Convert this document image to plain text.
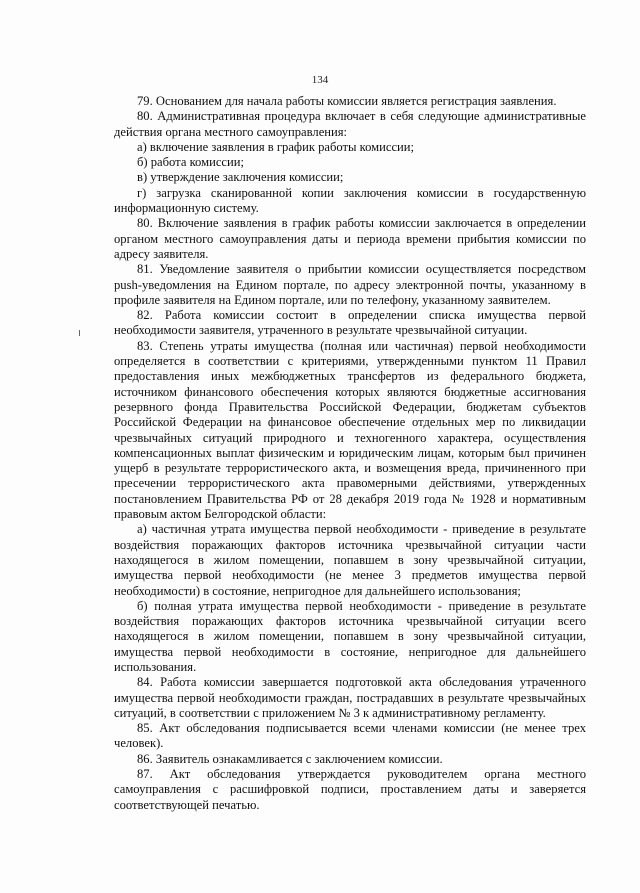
134

79. Основанием для начала работы комиссии является регистрация заявления.

80. Административная процедура включает в себя следующие административные действия органа местного самоуправления:

а) включение заявления в график работы комиссии;

б) работа комиссии;

в) утверждение заключения комиссии;

г) загрузка сканированной копии заключения комиссии в государственную информационную систему.

80. Включение заявления в график работы комиссии заключается в определении органом местного самоуправления даты и периода времени прибытия комиссии по адресу заявителя.

81. Уведомление заявителя о прибытии комиссии осуществляется посредством push-уведомления на Едином портале, по адресу электронной почты, указанному в профиле заявителя на Едином портале, или по телефону, указанному заявителем.

82. Работа комиссии состоит в определении списка имущества первой необходимости заявителя, утраченного в результате чрезвычайной ситуации.

83. Степень утраты имущества (полная или частичная) первой необходимости определяется в соответствии с критериями, утвержденными пунктом 11 Правил предоставления иных межбюджетных трансфертов из федерального бюджета, источником финансового обеспечения которых являются бюджетные ассигнования резервного фонда Правительства Российской Федерации, бюджетам субъектов Российской Федерации на финансовое обеспечение отдельных мер по ликвидации чрезвычайных ситуаций природного и техногенного характера, осуществления компенсационных выплат физическим и юридическим лицам, которым был причинен ущерб в результате террористического акта, и возмещения вреда, причиненного при пресечении террористического акта правомерными действиями, утвержденных постановлением Правительства РФ от 28 декабря 2019 года № 1928 и нормативным правовым актом Белгородской области:

а) частичная утрата имущества первой необходимости - приведение в результате воздействия поражающих факторов источника чрезвычайной ситуации части находящегося в жилом помещении, попавшем в зону чрезвычайной ситуации, имущества первой необходимости (не менее 3 предметов имущества первой необходимости) в состояние, непригодное для дальнейшего использования;

б) полная утрата имущества первой необходимости - приведение в результате воздействия поражающих факторов источника чрезвычайной ситуации всего находящегося в жилом помещении, попавшем в зону чрезвычайной ситуации, имущества первой необходимости в состояние, непригодное для дальнейшего использования.

84. Работа комиссии завершается подготовкой акта обследования утраченного имущества первой необходимости граждан, пострадавших в результате чрезвычайных ситуаций, в соответствии с приложением № 3 к административному регламенту.

85. Акт обследования подписывается всеми членами комиссии (не менее трех человек).

86. Заявитель ознакамливается с заключением комиссии.

87. Акт обследования утверждается руководителем органа местного самоуправления с расшифровкой подписи, проставлением даты и заверяется соответствующей печатью.
